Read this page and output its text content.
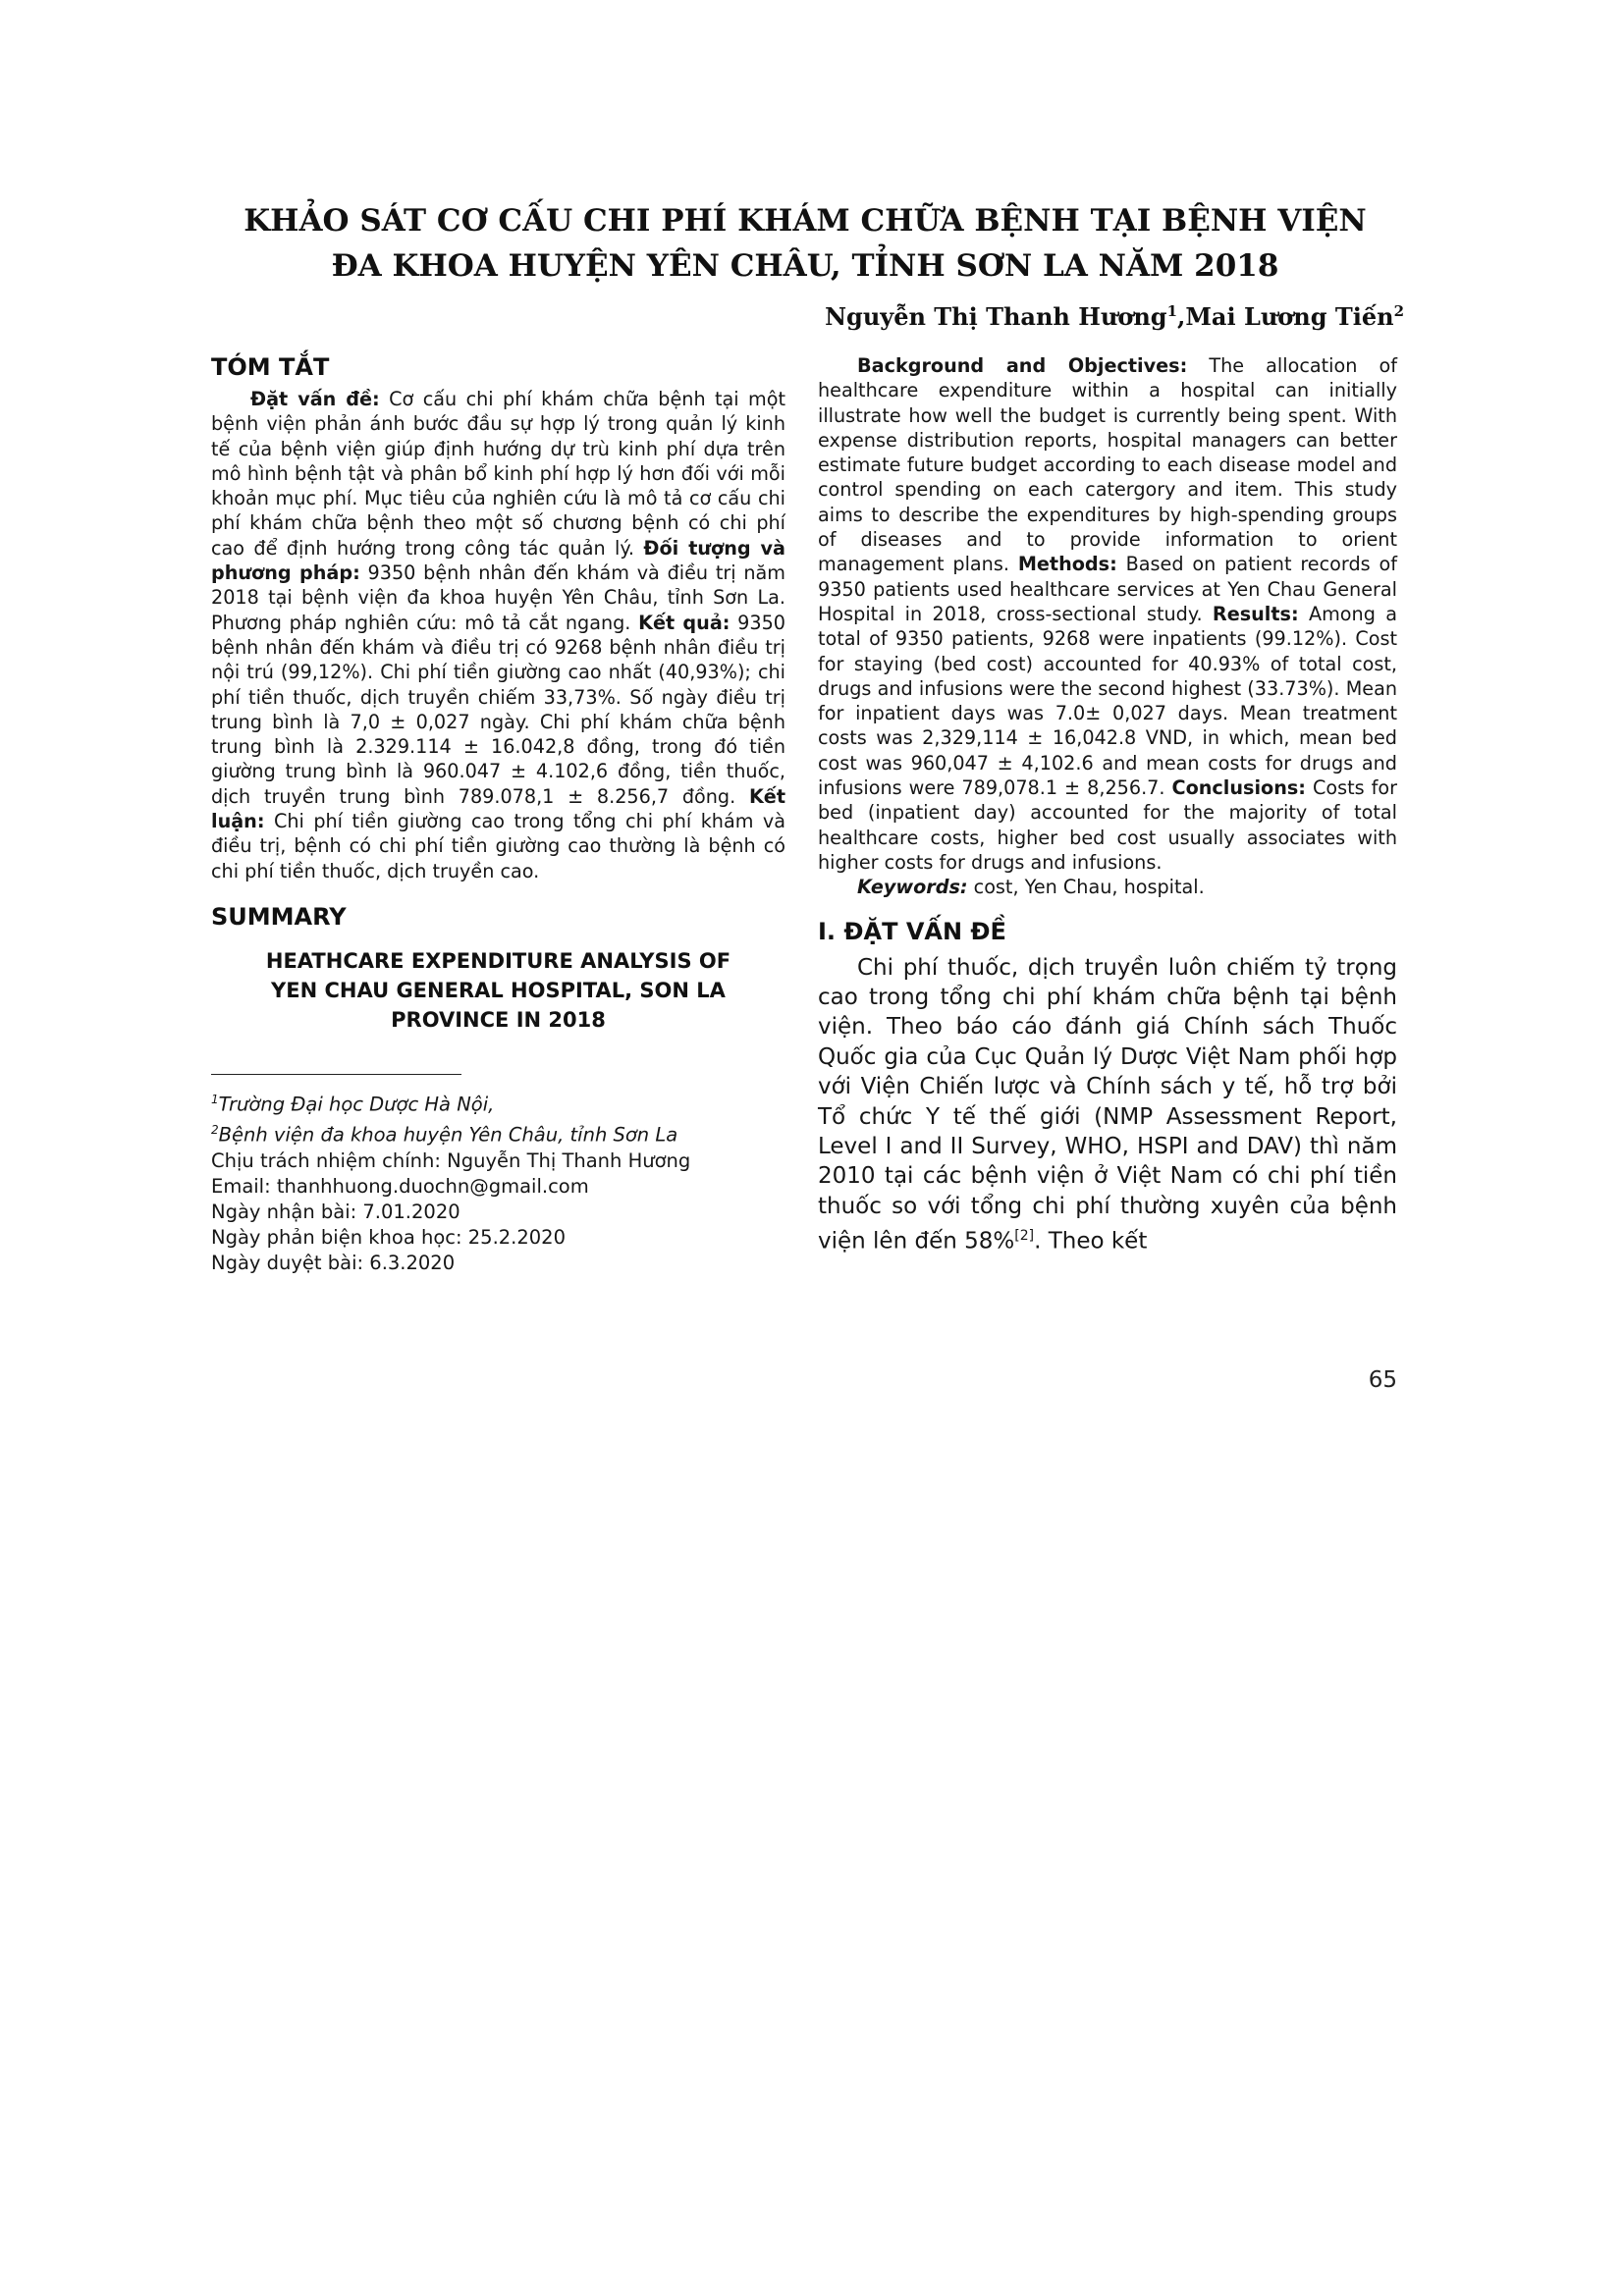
KHẢO SÁT CƠ CẤU CHI PHÍ KHÁM CHỮA BỆNH TẠI BỆNH VIỆN
ĐA KHOA HUYỆN YÊN CHÂU, TỈNH SƠN LA NĂM 2018
Nguyễn Thị Thanh Hương$^1$,Mai Lương Tiến$^2$
TÓM TẮT

Đặt vấn đề: Cơ cấu chi phí khám chữa bệnh tại một bệnh viện phản ánh bước đầu sự hợp lý trong quản lý kinh tế của bệnh viện giúp định hướng dự trù kinh phí dựa trên mô hình bệnh tật và phân bổ kinh phí hợp lý hơn đối với mỗi khoản mục phí. Mục tiêu của nghiên cứu là mô tả cơ cấu chi phí khám chữa bệnh theo một số chương bệnh có chi phí cao để định hướng trong công tác quản lý. Đối tượng và phương pháp: 9350 bệnh nhân đến khám và điều trị năm 2018 tại bệnh viện đa khoa huyện Yên Châu, tỉnh Sơn La. Phương pháp nghiên cứu: mô tả cắt ngang. Kết quả: 9350 bệnh nhân đến khám và điều trị có 9268 bệnh nhân điều trị nội trú (99,12%). Chi phí tiền giường cao nhất (40,93%); chi phí tiền thuốc, dịch truyền chiếm 33,73%. Số ngày điều trị trung bình là 7,0 ± 0,027 ngày. Chi phí khám chữa bệnh trung bình là 2.329.114 ± 16.042,8 đồng, trong đó tiền giường trung bình là 960.047 ± 4.102,6 đồng, tiền thuốc, dịch truyền trung bình 789.078,1 ± 8.256,7 đồng. Kết luận: Chi phí tiền giường cao trong tổng chi phí khám và điều trị, bệnh có chi phí tiền giường cao thường là bệnh có chi phí tiền thuốc, dịch truyền cao.

SUMMARY
HEATHCARE EXPENDITURE ANALYSIS OF
YEN CHAU GENERAL HOSPITAL, SON LA
PROVINCE IN 2018
$^1$Trường Đại học Dược Hà Nội,
$^2$Bệnh viện đa khoa huyện Yên Châu, tỉnh Sơn La
Chịu trách nhiệm chính: Nguyễn Thị Thanh Hương
Email: thanhhuong.duochn@gmail.com
Ngày nhận bài: 7.01.2020
Ngày phản biện khoa học: 25.2.2020
Ngày duyệt bài: 6.3.2020

Background and Objectives: The allocation of healthcare expenditure within a hospital can initially illustrate how well the budget is currently being spent. With expense distribution reports, hospital managers can better estimate future budget according to each disease model and control spending on each catergory and item. This study aims to describe the expenditures by high-spending groups of diseases and to provide information to orient management plans. Methods: Based on patient records of 9350 patients used healthcare services at Yen Chau General Hospital in 2018, cross-sectional study. Results: Among a total of 9350 patients, 9268 were inpatients (99.12%). Cost for staying (bed cost) accounted for 40.93% of total cost, drugs and infusions were the second highest (33.73%). Mean for inpatient days was 7.0± 0,027 days. Mean treatment costs was 2,329,114 ± 16,042.8 VND, in which, mean bed cost was 960,047 ± 4,102.6 and mean costs for drugs and infusions were 789,078.1 ± 8,256.7. Conclusions: Costs for bed (inpatient day) accounted for the majority of total healthcare costs, higher bed cost usually associates with higher costs for drugs and infusions.

Keywords: cost, Yen Chau, hospital.

I. ĐẶT VẤN ĐỀ

Chi phí thuốc, dịch truyền luôn chiếm tỷ trọng cao trong tổng chi phí khám chữa bệnh tại bệnh viện. Theo báo cáo đánh giá Chính sách Thuốc Quốc gia của Cục Quản lý Dược Việt Nam phối hợp với Viện Chiến lược và Chính sách y tế, hỗ trợ bởi Tổ chức Y tế thế giới (NMP Assessment Report, Level I and II Survey, WHO, HSPI and DAV) thì năm 2010 tại các bệnh viện ở Việt Nam có chi phí tiền thuốc so với tổng chi phí thường xuyên của bệnh viện lên đến 58%[2]. Theo kết

65
